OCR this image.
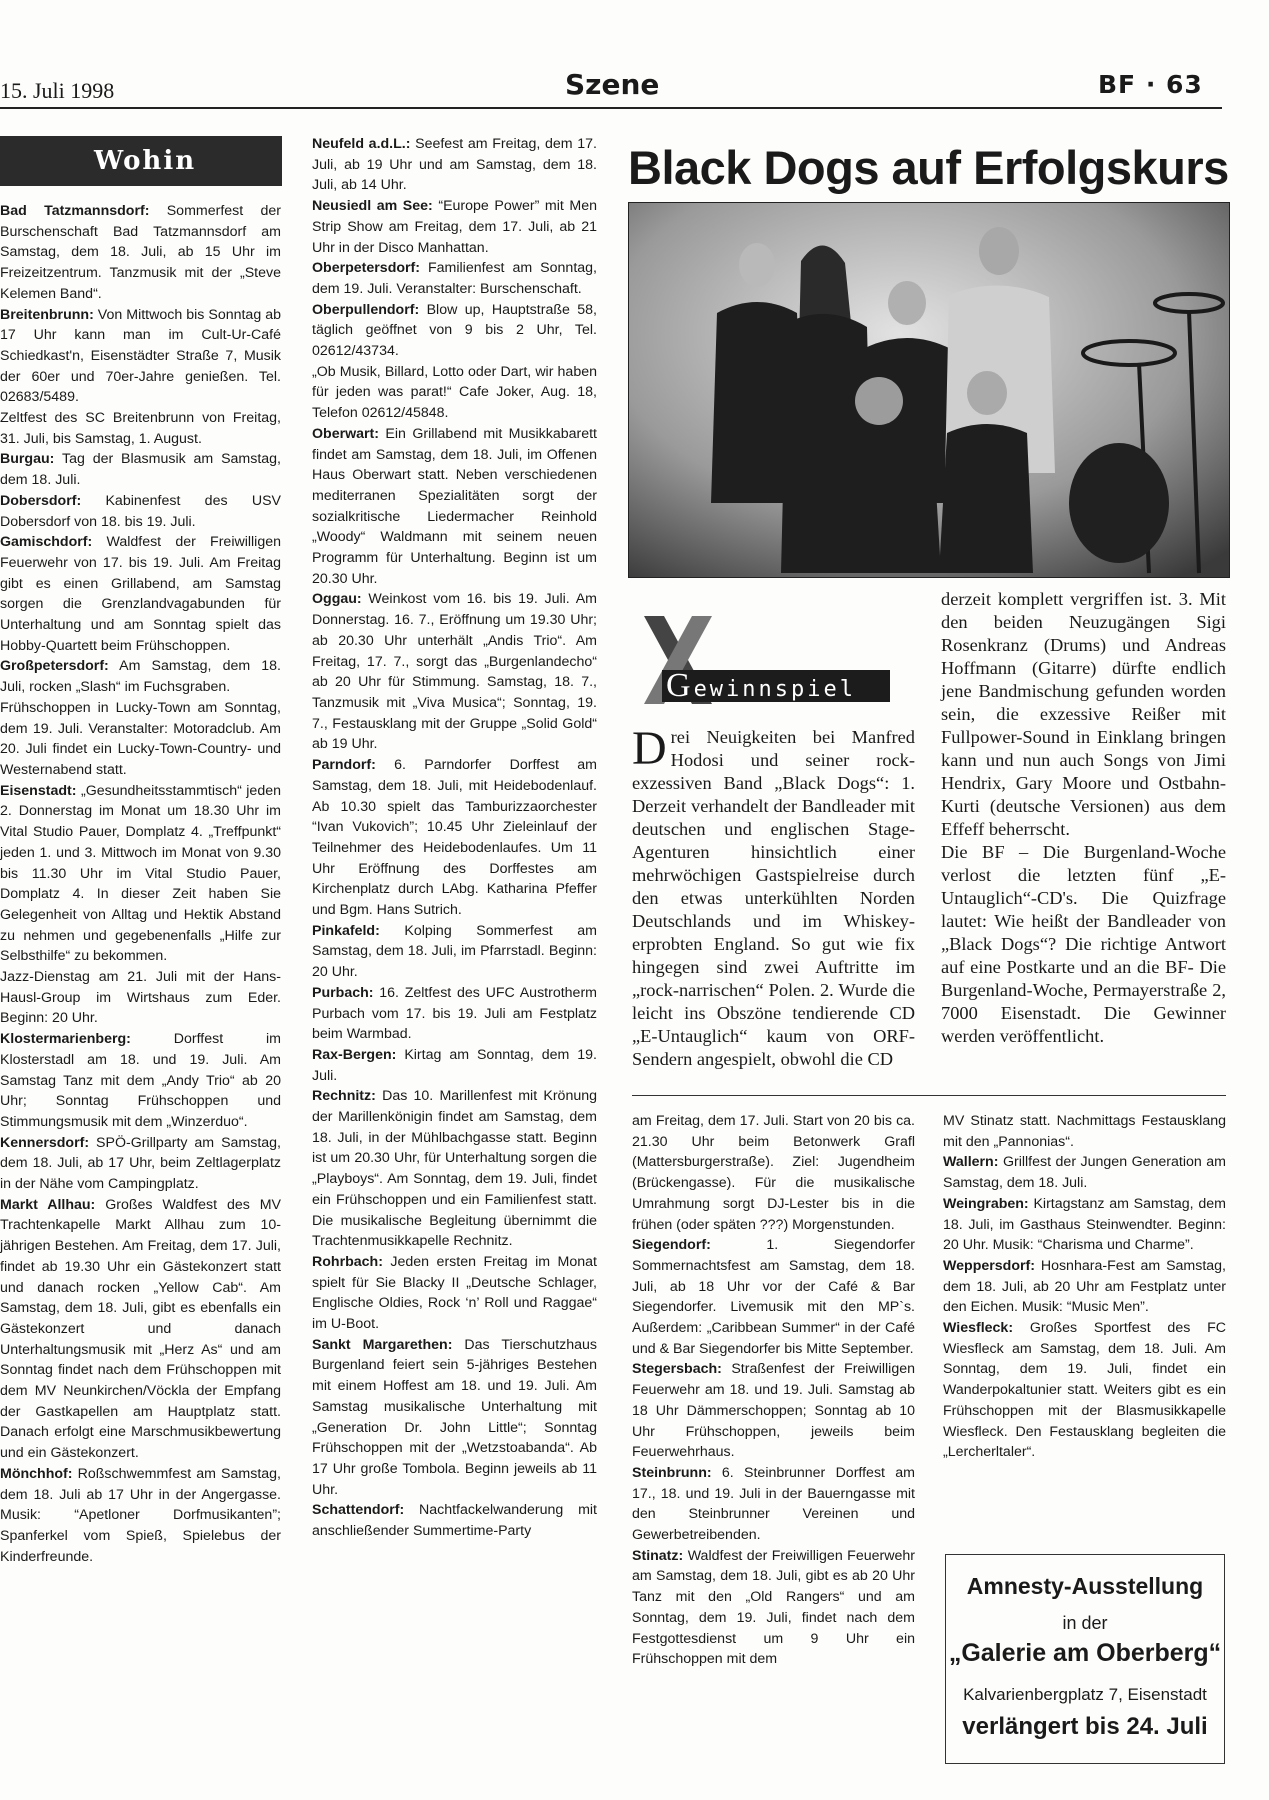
15. Juli 1998	Szene	BF · 63
Wohin

Bad Tatzmannsdorf: Sommerfest der Burschenschaft Bad Tatzmannsdorf am Samstag, dem 18. Juli, ab 15 Uhr im Freizeitzentrum. Tanzmusik mit der „Steve Kelemen Band“.

Breitenbrunn: Von Mittwoch bis Sonntag ab 17 Uhr kann man im Cult-Ur-Café Schiedkast'n, Eisenstädter Straße 7, Musik der 60er und 70er-Jahre genießen. Tel. 02683/5489.

Zeltfest des SC Breitenbrunn von Freitag, 31. Juli, bis Samstag, 1. August.

Burgau: Tag der Blasmusik am Samstag, dem 18. Juli.

Dobersdorf: Kabinenfest des USV Dobersdorf von 18. bis 19. Juli.

Gamischdorf: Waldfest der Freiwilligen Feuerwehr von 17. bis 19. Juli. Am Freitag gibt es einen Grillabend, am Samstag sorgen die Grenzlandvagabunden für Unterhaltung und am Sonntag spielt das Hobby-Quartett beim Frühschoppen.

Großpetersdorf: Am Samstag, dem 18. Juli, rocken „Slash“ im Fuchsgraben.

Frühschoppen in Lucky-Town am Sonntag, dem 19. Juli. Veranstalter: Motoradclub. Am 20. Juli findet ein Lucky-Town-Country- und Westernabend statt.

Eisenstadt: „Gesundheitsstammtisch“ jeden 2. Donnerstag im Monat um 18.30 Uhr im Vital Studio Pauer, Domplatz 4. „Treffpunkt“ jeden 1. und 3. Mittwoch im Monat von 9.30 bis 11.30 Uhr im Vital Studio Pauer, Domplatz 4. In dieser Zeit haben Sie Gelegenheit von Alltag und Hektik Abstand zu nehmen und gegebenenfalls „Hilfe zur Selbsthilfe“ zu bekommen.

Jazz-Dienstag am 21. Juli mit der Hans-Hausl-Group im Wirtshaus zum Eder. Beginn: 20 Uhr.

Klostermarienberg:	Dorffest im Klosterstadl am 18. und 19. Juli. Am Samstag Tanz mit dem „Andy Trio“ ab 20 Uhr; Sonntag Frühschoppen und Stimmungsmusik mit dem „Winzerduo“.

Kennersdorf: SPÖ-Grillparty am Samstag, dem 18. Juli, ab 17 Uhr, beim Zeltlagerplatz in der Nähe vom Campingplatz.

Markt Allhau: Großes Waldfest des MV Trachtenkapelle Markt Allhau zum 10-jährigen Bestehen. Am Freitag, dem 17. Juli, findet ab 19.30 Uhr ein Gästekonzert statt und danach rocken „Yellow Cab“. Am Samstag, dem 18. Juli, gibt es ebenfalls ein Gästekonzert und danach Unterhaltungsmusik mit „Herz As“ und am Sonntag findet nach dem Frühschoppen mit dem MV Neunkirchen/Vöckla der Empfang der Gastkapellen am Hauptplatz statt. Danach erfolgt eine Marschmusikbewertung und ein Gästekonzert.

Mönchhof: Roßschwemmfest am Samstag, dem 18. Juli ab 17 Uhr in der Angergasse. Musik: “Apetloner Dorfmusikanten”; Spanferkel vom Spieß, Spielebus der Kinderfreunde.

Neufeld a.d.L.: Seefest am Freitag, dem 17. Juli, ab 19 Uhr und am Samstag, dem 18. Juli, ab 14 Uhr.

Neusiedl am See: “Europe Power” mit Men Strip Show am Freitag, dem 17. Juli, ab 21 Uhr in der Disco Manhattan.

Oberpetersdorf: Familienfest am Sonntag, dem 19. Juli. Veranstalter: Burschenschaft.

Oberpullendorf: Blow up, Hauptstraße 58, täglich geöffnet von 9 bis 2 Uhr, Tel. 02612/43734.

„Ob Musik, Billard, Lotto oder Dart, wir haben für jeden was parat!“ Cafe Joker, Aug. 18, Telefon 02612/45848.

Oberwart: Ein Grillabend mit Musikkabarett findet am Samstag, dem 18. Juli, im Offenen Haus Oberwart statt. Neben verschiedenen mediterranen Spezialitäten sorgt der sozialkritische Liedermacher Reinhold „Woody“ Waldmann mit seinem neuen Programm für Unterhaltung. Beginn ist um 20.30 Uhr.

Oggau: Weinkost vom 16. bis 19. Juli. Am Donnerstag. 16. 7., Eröffnung um 19.30 Uhr; ab 20.30 Uhr unterhält „Andis Trio“. Am Freitag, 17. 7., sorgt das „Burgenlandecho“ ab 20 Uhr für Stimmung. Samstag, 18. 7., Tanzmusik mit „Viva Musica“; Sonntag, 19. 7., Festausklang mit der Gruppe „Solid Gold“ ab 19 Uhr.

Parndorf: 6. Parndorfer Dorffest am Samstag, dem 18. Juli, mit Heidebodenlauf. Ab 10.30 spielt das Tamburizzaorchester “Ivan Vukovich”; 10.45 Uhr Zieleinlauf der Teilnehmer des Heidebodenlaufes. Um 11 Uhr Eröffnung des Dorffestes am Kirchenplatz durch LAbg. Katharina Pfeffer und Bgm. Hans Sutrich.

Pinkafeld: Kolping Sommerfest am Samstag, dem 18. Juli, im Pfarrstadl. Beginn: 20 Uhr.

Purbach: 16. Zeltfest des UFC Austrotherm Purbach vom 17. bis 19. Juli am Festplatz beim Warmbad.

Rax-Bergen: Kirtag am Sonntag, dem 19. Juli.

Rechnitz: Das 10. Marillenfest mit Krönung der Marillenkönigin findet am Samstag, dem 18. Juli, in der Mühlbachgasse statt. Beginn ist um 20.30 Uhr, für Unterhaltung sorgen die „Playboys“. Am Sonntag, dem 19. Juli, findet ein Frühschoppen und ein Familienfest statt. Die musikalische Begleitung übernimmt die Trachtenmusikkapelle Rechnitz.

Rohrbach: Jeden ersten Freitag im Monat spielt für Sie Blacky II „Deutsche Schlager, Englische Oldies, Rock ‘n’ Roll und Raggae“ im U-Boot.

Sankt Margarethen: Das Tierschutzhaus Burgenland feiert sein 5-jähriges Bestehen mit einem Hoffest am 18. und 19. Juli. Am Samstag musikalische Unterhaltung mit „Generation Dr. John Little“; Sonntag Frühschoppen mit der „Wetzstoabanda“. Ab 17 Uhr große Tombola. Beginn jeweils ab 11 Uhr.

Schattendorf: Nachtfackelwanderung mit anschließender Summertime-Party

am Freitag, dem 17. Juli. Start von 20 bis ca. 21.30 Uhr beim Betonwerk Grafl (Mattersburgerstraße). Ziel: Jugendheim (Brückengasse). Für die musikalische Umrahmung sorgt DJ-Lester bis in die frühen (oder späten ???) Morgenstunden.

Siegendorf:	1. Siegendorfer Sommernachtsfest am Samstag, dem 18. Juli, ab 18 Uhr vor der Café & Bar Siegendorfer. Livemusik mit den MP`s. Außerdem: „Caribbean Summer“ in der Café und & Bar Siegendorfer bis Mitte September.

Stegersbach: Straßenfest der Freiwilligen Feuerwehr am 18. und 19. Juli. Samstag ab 18 Uhr Dämmerschoppen; Sonntag ab 10 Uhr Frühschoppen, jeweils beim Feuerwehrhaus.

Steinbrunn: 6. Steinbrunner Dorffest am 17., 18. und 19. Juli in der Bauerngasse mit den Steinbrunner Vereinen und Gewerbetreibenden.

Stinatz: Waldfest der Freiwilligen Feuerwehr am Samstag, dem 18. Juli, gibt es ab 20 Uhr Tanz mit den „Old Rangers“ und am Sonntag, dem 19. Juli, findet nach dem Festgottesdienst um 9 Uhr ein Frühschoppen mit dem

MV Stinatz statt. Nachmittags Festausklang mit den „Pannonias“.

Wallern: Grillfest der Jungen Generation am Samstag, dem 18. Juli.

Weingraben: Kirtagstanz am Samstag, dem 18. Juli, im Gasthaus Steinwendter. Beginn: 20 Uhr. Musik: “Charisma und Charme”.

Weppersdorf: Hosnhara-Fest am Samstag, dem 18. Juli, ab 20 Uhr am Festplatz unter den Eichen. Musik: “Music Men”.

Wiesfleck: Großes Sportfest des FC Wiesfleck am Samstag, dem 18. Juli. Am Sonntag, dem 19. Juli, findet ein Wanderpokaltunier statt. Weiters gibt es ein Frühschoppen mit der Blasmusikkapelle Wiesfleck. Den Festausklang begleiten die „Lercherltaler“.

Black Dogs auf Erfolgskurs
Gewinnspiel
Drei Neuigkeiten bei Manfred Hodosi und seiner rock-exzessiven Band „Black Dogs“: 1. Derzeit verhandelt der Bandleader mit deutschen und englischen Stage-Agenturen hinsichtlich einer mehrwöchigen Gastspielreise durch den etwas unterkühlten Norden Deutschlands und im Whiskey-erprobten England. So gut wie fix hingegen sind zwei Auftritte im „rock-narrischen“ Polen. 2. Wurde die leicht ins Obszöne tendierende CD „E-Untauglich“ kaum von ORF-Sendern angespielt, obwohl die CD
derzeit komplett vergriffen ist. 3. Mit den beiden Neuzugängen Sigi Rosenkranz (Drums) und Andreas Hoffmann (Gitarre) dürfte endlich jene Bandmischung gefunden worden sein, die exzessive Reißer mit Fullpower-Sound in Einklang bringen kann und nun auch Songs von Jimi Hendrix, Gary Moore und Ostbahn-Kurti (deutsche Versionen) aus dem Effeff beherrscht.
Die BF – Die Burgenland-Woche verlost die letzten fünf „E-Untauglich“-CD's. Die Quizfrage lautet: Wie heißt der Bandleader von „Black Dogs“? Die richtige Antwort auf eine Postkarte und an die BF- Die Burgenland-Woche, Permayerstraße 2, 7000 Eisenstadt. Die Gewinner werden veröffentlicht.
Amnesty-Ausstellung
in der
„Galerie am Oberberg“
Kalvarienbergplatz 7, Eisenstadt
verlängert bis 24. Juli
